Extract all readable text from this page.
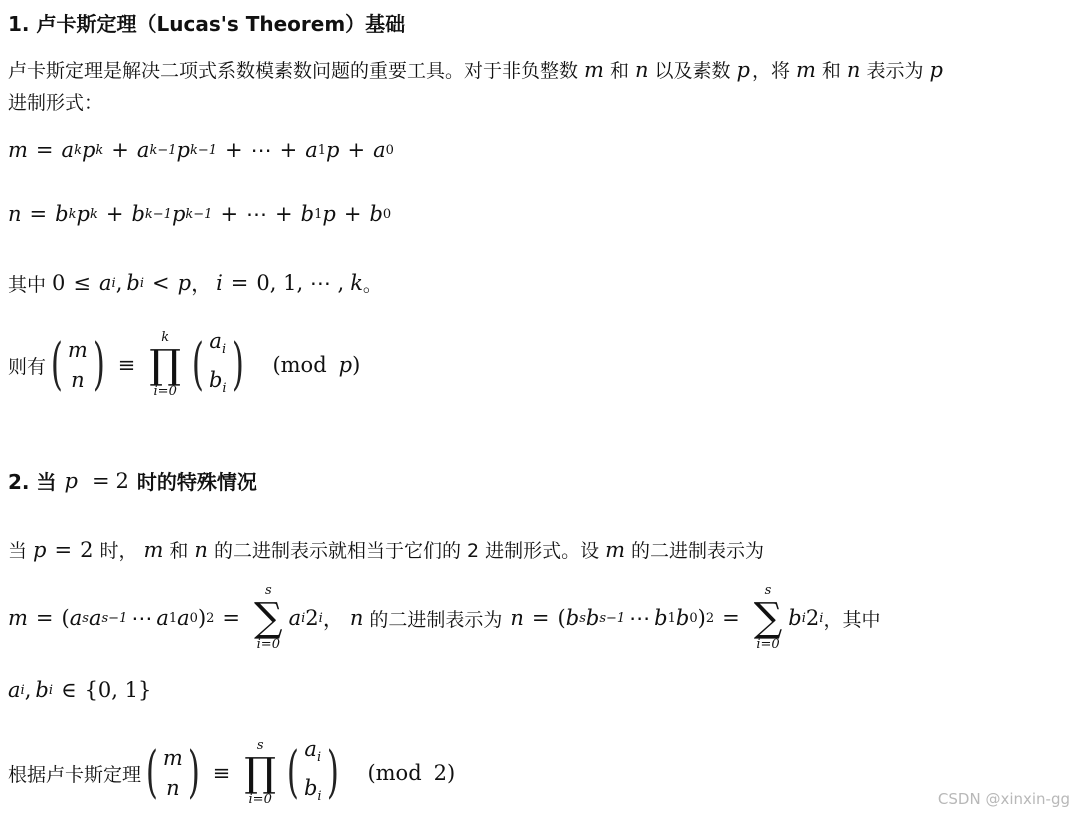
1. 卢卡斯定理（Lucas's Theorem）基础
卢卡斯定理是解决二项式系数模素数问题的重要工具。对于非负整数 m 和 n 以及素数 p ，将 m 和 n 表示为 p
进制形式：
m = a k p k + a k−1 p k−1 + ⋯ + a 1 p + a 0
n = b k p k + b k−1 p k−1 + ⋯ + b 1 p + b 0
其中 0 ≤ a i , b i < p ， i = 0, 1, ⋯ , k 。
则有 ( m
n ) ≡
k
∏
i=0 ( $a_i$
$b_i$ ) (mod p )
2. 当 p = 2 时的特殊情况
当 p = 2 时， m 和 n 的二进制表示就相当于它们的 2 进制形式。设 m 的二进制表示为
m = ( a s a s−1 ⋯ a 1 a 0 ) 2 =
s
∑
i=0
a i 2 i ， n 的二进制表示为 n = ( b s b s−1 ⋯ b 1 b 0 ) 2 =
s
∑
i=0
b i 2 i ，其中
a i , b i ∈ {0, 1}
根据卢卡斯定理 ( m
n ) ≡
s
∏
i=0 ( $a_i$
$b_i$ ) (mod 2 )
CSDN @xinxin-gg
